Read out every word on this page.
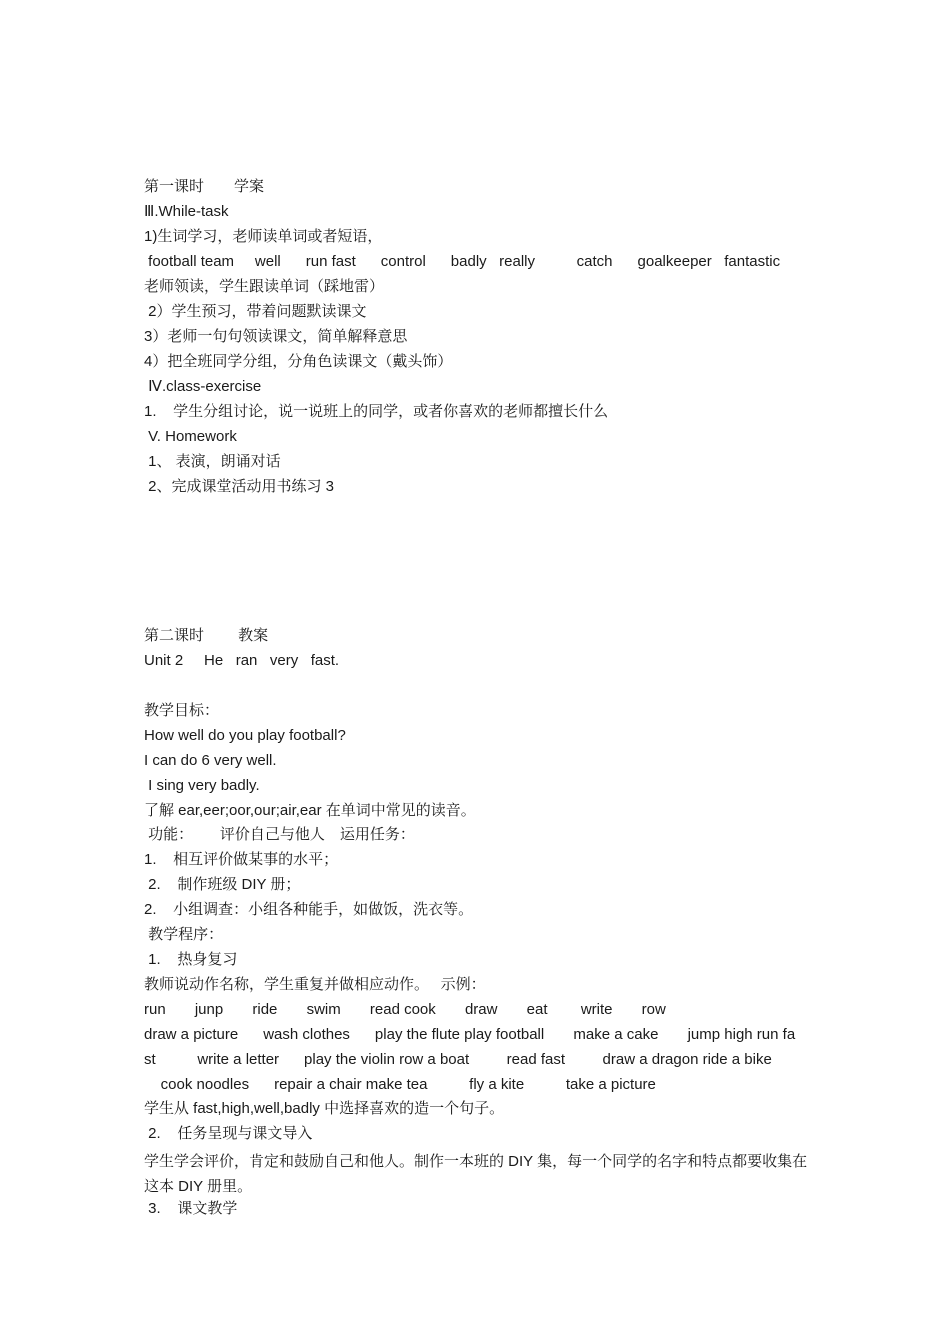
第一课时　　学案
Ⅲ.While-task
1)生词学习，老师读单词或者短语，
football team     well      run fast      control      badly   really          catch      goalkeeper   fantastic
老师领读，学生跟读单词（踩地雷）
2）学生预习，带着问题默读课文
3）老师一句句领读课文，简单解释意思
4）把全班同学分组，分角色读课文（戴头饰）
Ⅳ.class-exercise
1.    学生分组讨论，说一说班上的同学，或者你喜欢的老师都擅长什么
V. Homework
1、 表演，朗诵对话
2、完成课堂活动用书练习 3
第二课时　　 教案
Unit 2     He   ran   very   fast.
教学目标：
How well do you play football?
I can do 6 very well.
I sing very badly.
了解 ear,eer;oor,our;air,ear 在单词中常见的读音。
功能：　　 评价自己与他人　运用任务：
1.    相互评价做某事的水平；
2.    制作班级 DIY 册；
2.    小组调查：小组各种能手，如做饭，洗衣等。
教学程序：
1.    热身复习
教师说动作名称，学生重复并做相应动作。　 示例：
run       junp       ride       swim       read cook       draw       eat        write       row
draw a picture      wash clothes      play the flute play football       make a cake       jump high run fa
st          write a letter      play the violin row a boat         read fast         draw a dragon ride a bike
cook noodles      repair a chair make tea          fly a kite          take a picture
学生从 fast,high,well,badly 中选择喜欢的造一个句子。
2.    任务呈现与课文导入
学生学会评价，肯定和鼓励自己和他人。制作一本班的 DIY 集，每一个同学的名字和特点都要收集在这本 DIY 册里。
3.    课文教学
